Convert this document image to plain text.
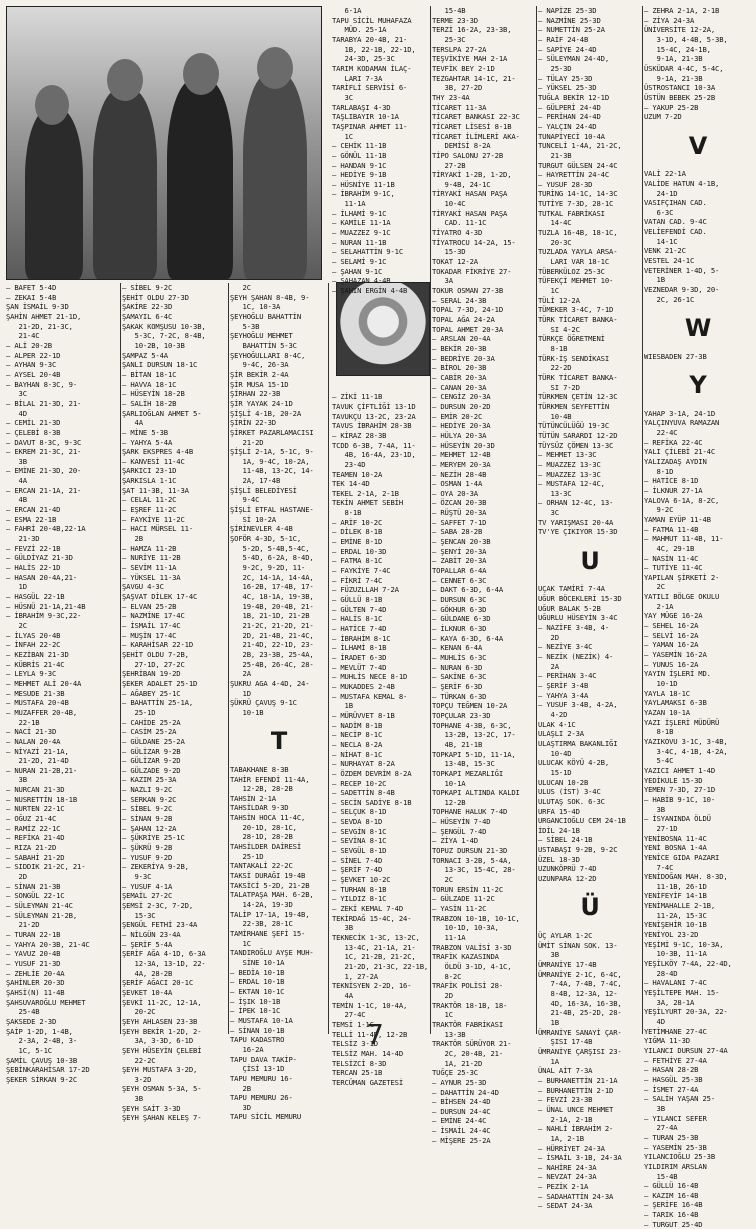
— BAFET 5-4D
— ZEKAI 5-4B
ŞAN İSMAİL 9-3D
ŞAHİN AHMET 21-1D,
21-2D, 21-3C,
21-4C
— ALİ 20-2B
— ALPER 22-1D
— AYHAN 9-3C
— AYSEL 20-4B
— BAYHAN 8-3C, 9-
3C
— BİLAL 21-3D, 21-
4D
— CEMİL 21-3D
— ÇELEBİ 8-3B
— DAVUT 8-3C, 9-3C
— EKREM 21-3C, 21-
3B
— EMİNE 21-3D, 20-
4A
— ERCAN 21-1A, 21-
4B
— ERCAN 21-4D
— ESMA 22-1B
— FAHRİ 20-4B,22-1A
21-3D
— FEVZİ 22-1B
— GÜLDİYAZ 21-3D
— HALİS 22-1D
— HASAN 20-4A,21-
1D
— HASGÜL 22-1B
— HÜSNÜ 21-1A,21-4B
— İBRAHİM 9-3C,22-
2C
— İLYAS 20-4B
— İNFAH 22-2C
— KEZİBAN 21-3D
— KÜBRİS 21-4C
— LEYLA 9-3C
— MEHMET ALİ 20-4A
— MESUDE 21-3B
— MUSTAFA 20-4B
— MUZAFFER 20-4B,
22-1B
— NACİ 21-3D
— NALAN 20-4A
— NİYAZİ 21-1A,
21-2D, 21-4D
— NURAN 21-2B,21-
3B
— NURCAN 21-3D
— NUSRETTİN 18-1B
— NURTEN 22-1C
— OĞUZ 21-4C
— RAMİZ 22-1C
— REFİKA 21-4D
— RIZA 21-2D
— SABAHİ 21-2D
— SIDDIK 21-2C, 21-
2D
— SİNAN 21-3B
— SONGÜL 22-1C
— SÜLEYMAN 21-4C
— SÜLEYMAN 21-2B,
21-2D
— TURAN 22-1B
— YAHYA 20-3B, 21-4C
— YAVUZ 20-4B
— YUSUF 21-3D
— ZEHLİE 20-4A
ŞAHİNLER 20-3D
ŞAHSİ(N) 11-4B
ŞAHSUVAROĞLU MEHMET
25-4B
ŞAKSEDE 2-3D
ŞAİP 1-2D, 1-4B,
2-3A, 2-4B, 3-
1C, 5-1C
ŞAMİL ÇAVUŞ 10-3B
ŞEBİNKARAHİSAR 17-2D
ŞEKER SİRKAN 9-2C
— SİBEL 9-2C
ŞEHİT OLDU 27-3D
ŞAKİRE 22-3D
ŞAMAYIL 6-4C
ŞAKAK KOMŞUSU 10-3B,
5-3C, 7-2C, 8-4B,
10-2B, 10-3B
ŞAMPAZ 5-4A
ŞANLI DURSUN 18-1C
— BİTAN 18-1C
— HAVVA 18-1C
— HÜSEYİN 18-2B
— SALİH 18-2B
ŞARLIOĞLAN AHMET 5-
4A
— MİNE 5-3B
— YAHYA 5-4A
ŞARK EKSPRES 4-4B
— KANVESİ 11-4C
ŞARKICI 23-1D
ŞARKISLA 1-1C
ŞAT 11-3B, 11-3A
— CELAL 11-2C
— EŞREF 11-2C
— FAYKİYE 11-2C
— HACI MÜRSEL 11-
2B
— HAMZA 11-2B
— NURİYE 11-2B
— SEVİM 11-1A
— YÜKSEL 11-3A
ŞAVGU 4-3C
ŞAŞVAT DİLEK 17-4C
— ELVAN 25-2B
— NAZMİNE 17-4C
— İSMAİL 17-4C
— MUŞİN 17-4C
— KARAHİSAR 22-1D
ŞEHİT OLDU 7-2B,
27-1D, 27-2C
ŞEHRİBAN 19-2D
ŞEKER ADALET 25-1D
— AĞABEY 25-1C
— BAHATTİN 25-1A,
25-1D
— CAHİDE 25-2A
— CASİM 25-2A
— GÜLDANE 25-2A
— GÜLİZAR 9-2B
— GÜLİZAR 9-2D
— GÜLZADE 9-2D
— KAZIM 25-3A
— NAZLI 9-2C
— SERKAN 9-2C
— SİBEL 9-2C
— SİNAN 9-2B
— ŞAHAN 12-2A
— ŞÜKRİYE 25-1C
— ŞÜKRÜ 9-2B
— YUSUF 9-2D
— ZEKERİYA 9-2B,
9-3C
— YUSUF 4-1A
ŞEMAİL 27-2C
ŞEMSİ 2-3C, 7-2D,
15-3C
ŞENGÜL FETHİ 23-4A
— NİLGÜN 23-4A
— ŞERİF 5-4A
ŞERİF AĞA 4-1D, 6-3A
12-3A, 13-1D, 22-
4A, 28-2B
ŞERİF AĞACI 20-1C
ŞEVKET 10-4A
ŞEVKİ 11-2C, 12-1A,
20-2C
ŞEYH AHLASEN 23-3B
ŞEYH BEKİR 1-2D, 2-
3A, 3-3D, 6-1D
ŞEYH HÜSEYİN ÇELEBİ
22-2C
ŞEYH MUSTAFA 3-2D,
3-2D
ŞEYH OSMAN 5-3A, 5-
3B
ŞEYH SAİT 3-3D
ŞEYH ŞAHAN KELEŞ 7-
2C
ŞEYH ŞAHAN 8-4B, 9-
1C, 10-3A
ŞEYHOĞLU BAHATTİN
5-3B
ŞEYHOĞLU MEHMET
BAHATTİN 5-3C
ŞEYHOĞULLARI 8-4C,
9-4C, 26-3A
ŞİR BEKİR 2-4A
ŞİR MUSA 15-1D
ŞİRHAN 22-3B
ŞİR YAYAK 24-1D
ŞİŞLİ 4-1B, 20-2A
ŞİRİN 22-3D
ŞİRKET PAZARLAMACISI
21-2D
ŞİŞLİ 2-1A, 5-1C, 9-
1A, 9-4C, 10-2A,
11-4B, 13-2C, 14-
2A, 17-4B
ŞİŞLİ BELEDİYESİ
9-4C
ŞİŞLİ ETFAL HASTANE-
Sİ 10-2A
ŞİRİNEVLER 4-4B
ŞOFÖR 4-3D, 5-1C,
5-2D, 5-4B,5-4C,
5-4D, 6-2A, 8-4D,
9-2C, 9-2D, 11-
2C, 14-1A, 14-4A,
16-2B, 17-4B, 17-
4C, 18-1A, 19-3B,
19-4B, 20-4B, 21-
1B, 21-1D, 21-2B
21-2C, 21-2D, 21-
2D, 21-4B, 21-4C,
21-4D, 22-1D, 23-
2B, 23-3B, 25-4A,
25-4B, 26-4C, 28-
2A
ŞUKRU AGA 4-4D, 24-
1D
ŞÜKRÜ ÇAVUŞ 9-1C
10-1B

T

TABAKHANE 8-3B
TAHİR EFENDİ 11-4A,
12-2B, 28-2B
TAHSİN 2-1A
TAHSİLDAR 9-3D
TAHSİN HOCA 11-4C,
20-1D, 28-1C,
28-1D, 28-2B
TAHSİLDER DAİRESİ
25-1D
TANTAKALİ 22-2C
TAKSİ DURAĞI 19-4B
TAKSİCİ 5-2D, 21-2B
TALATPAŞA MAH. 6-2B,
14-2A, 19-3D
TALİP 17-1A, 19-4B,
22-3B, 28-1C
TAMİRHANE ŞEFİ 15-
1C
TANDIROĞLU AYŞE MUH-
SİNE 10-1A
— BEDİA 10-1B
— ERDAL 10-1B
— EKTAN 10-1C
— İŞIK 10-1B
— İPEK 10-1C
— MUSTAFA 10-1A
— SİNAN 10-1B
TAPU KADASTRO
16-2A
TAPU DAVA TAKİP-
ÇİSİ 13-1D
TAPU MEMURU 16-
2B
TAPU MEMURU 26-
3D
TAPU SİCİL MEMURU
6-1A
TAPU SİCİL MUHAFAZA
MÜD. 25-1A
TARABYA 20-4B, 21-
1B, 22-1B, 22-1D,
24-3D, 25-3C
TARIM KODAMAN İLAÇ-
LARI 7-3A
TARİFLİ SERVİSİ 6-
3C
TARLABAŞI 4-3D
TAŞLIBAYIR 10-1A
TAŞPINAR AHMET 11-
1C
— CEHİK 11-1B
— GÖNÜL 11-1B
— HANDAN 9-1C
— HEDİYE 9-1B
— HÜSNİYE 11-1B
— İBRAHİM 9-1C,
11-1A
— İLHAMİ 9-1C
— KAMİLE 11-1A
— MUAZZEZ 9-1C
— NURAN 11-1B
— SELAHATTİN 9-1C
— SELAMİ 9-1C
— ŞAHAN 9-1C
— ŞAHAZAN 4-4B
— ŞAHİN ERGİN 4-4B

— ZİKİ 11-1B
TAVUK ÇİFTLİĞİ 13-1D
TAVUKÇU 13-2C, 23-2A
TAVUS İBRAHİM 28-3B
— KİRAZ 28-3B
TCDD 6-3B, 7-4A, 11-
4B, 16-4A, 23-1D,
23-4D
TEAMEN 10-2A
TEK 14-4D
TEKEL 2-1A, 2-1B
TEKİN AHMET SEBİH
8-1B
— ARİF 10-2C
— DİLEK 8-1B
— EMİNE 8-1D
— ERDAL 10-3D
— FATMA 8-1C
— FAYKİYE 7-4C
— FİKRİ 7-4C
— FÜZUZLLAH 7-2A
— GÜLLÜ 8-1B
— GÜLTEN 7-4D
— HALİS 8-1C
— HATİCE 7-4D
— İBRAHİM 8-1C
— İLHAMİ 8-1B
— İRADET 6-3D
— MEVLÜT 7-4D
— MUHLİS NECE 8-1D
— MUKADDES 2-4B
— MUSTAFA KEMAL 8-
1B
— MÜRÜVVET 8-1B
— NADİM 8-1B
— NECİP 8-1C
— NECLA 8-2A
— NİHAT 8-1C
— NURHAYAT 8-2A
— ÖZDEM DEVRİM 8-2A
— RECEP 10-2C
— SADETTİN 8-4B
— SECİN SADİYE 8-1B
— SELÇUK 8-1D
— SEVDA 8-1D
— SEVGİN 8-1C
— SEVİNA 8-1C
— SEVGÜL 8-1D
— SİNEL 7-4D
— ŞERİF 7-4D
— ŞEVKET 10-2C
— TURHAN 8-1B
— YILDIZ 8-1C
— ZEKİ KEMAL 7-4D
TEKİRDAĞ 15-4C, 24-
3B
TEKNECİK 1-3C, 13-2C,
13-4C, 21-1A, 21-
1C, 21-2B, 21-2C,
21-2D, 21-3C, 22-1B,
1, 27-2A
TEKNİSYEN 2-2D, 16-
4A
TEMİN 1-1C, 10-4A,
27-4C
TEMSİ 1-1C
TELLİ 11-4D, 12-2B
TELSİZ 3-1D
TELSİZ MAH. 14-4D
TELSİZCİ 8-3D
TERCAN 25-1B
TERCÜMAN GAZETESİ
15-4B
TERME 23-3D
TERZİ 16-2A, 23-3B,
25-3C
TERSLPA 27-2A
TEŞVİKİYE MAH 2-1A
TEVFİK BEY 2-1D
TEZGAHTAR 14-1C, 21-
3B, 27-2D
THY 23-4A
TİCARET 11-3A
TİCARET BANKASI 22-3C
TİCARET LİSESİ 8-1B
TİCARET İLİMLERİ AKA-
DEMİSİ 8-2A
TİPO SALONU 27-2B
27-2B
TİRYAKİ 1-2B, 1-2D,
9-4B, 24-1C
TİRYAKİ HASAN PAŞA
10-4C
TİRYAKİ HASAN PAŞA
CAD. 11-1C
TİYATRO 4-3D
TİYATROCU 14-2A, 15-
15-3D
TOKAT 12-2A
TOKADAR FİKRİYE 27-
3A
TOKUR OSMAN 27-3B
— SERAL 24-3B
TOPAL 7-3D, 24-1D
TOPAL AĞA 24-2A
TOPAL AHMET 20-3A
— ARSLAN 20-4A
— BEKİR 20-3B
— BEDRİYE 20-3A
— BİROL 20-3B
— CABİR 20-3A
— CANAN 20-3A
— CENGİZ 20-3A
— DURSUN 20-2D
— EMİR 20-2C
— HEDİYE 20-3A
— HÜLYA 20-3A
— HÜSEYİN 20-3D
— MEHMET 12-4B
— MERYEM 20-3A
— NEZİH 28-4B
— OSMAN 1-4A
— OYA 20-3A
— ÖZCAN 20-3B
— RÜŞTÜ 20-3A
— SAFFET 7-1D
— SABA 28-2B
— ŞENCAN 20-3B
— ŞENYİ 20-3A
— ZABİT 20-3A
TOPALLAR 6-4A
— CENNET 6-3C
— DAKT 6-3D, 6-4A
— DURSUN 6-3C
— GÖKHUR 6-3D
— GÜLDANE 6-3D
— İLKNUR 6-3D
— KAYA 6-3D, 6-4A
— KENAN 6-4A
— MUHLİS 6-3C
— NURAN 6-3D
— SAKİNE 6-3C
— ŞERİF 6-3D
— TÜRKAN 6-3D
TOPÇU TEĞMEN 10-2A
TOPÇULAR 23-3D
TOPHANE 4-3B, 6-3C,
13-2B, 13-2C, 17-
4B, 21-1B
TOPKAPI 5-1D, 11-1A,
13-4B, 15-3C
TOPKAPI MEZARLIĞI
10-1A
TOPKAPI ALTINDA KALDI
12-2B
TOPHANE HALUK 7-4D
— HÜSEYİN 7-4D
— ŞENGÜL 7-4D
— ZİYA 1-4D
TOPUZ DURSUN 21-3D
TORNACI 3-2B, 5-4A,
13-3C, 15-4C, 28-
2C
TORUN ERSİN 11-2C
— GÜLZADE 11-2C
— YASİN 11-2C
TRABZON 10-1B, 10-1C,
10-1D, 10-3A,
11-1A
TRABZON VALİSİ 3-3D
TRAFİK KAZASINDA
ÖLDÜ 3-1D, 4-1C,
8-2C
TRAFİK POLİSİ 28-
2D
TRAKTÖR 18-1B, 18-
1C
TRAKTÖR FABRİKASI
13-3B
TRAKTÖR SÜRÜYOR 21-
2C, 20-4B, 21-
1A, 21-2D
TUĞÇE 25-3C
— AYNUR 25-3D
— DAHATTİN 24-4D
— BİHSEN 24-4D
— DURSUN 24-4C
— EMİNE 24-4C
— İSMAİL 24-4C
— MİŞERE 25-2A
— NAPİZE 25-3D
— NAZMİNE 25-3D
— NUMETTİN 25-2A
— RAİF 24-4B
— SAPİYE 24-4D
— SÜLEYMAN 24-4D,
25-3D
— TÜLAY 25-3D
— YÜKSEL 25-3D
TUĞLA BEKİR 12-1D
— GÜLPERİ 24-4D
— PERİHAN 24-4D
— YALÇIN 24-4D
TUNAPİYECİ 10-4A
TUNCELİ 1-4A, 21-2C,
21-3B
TURGUT GÜLSEN 24-4C
— HAYRETTİN 24-4C
— YUSUF 28-3D
TURİNG 14-1C, 14-3C
TUTİYE 7-3D, 28-1C
TUTKAL FABRİKASI
14-4C
TUZLA 16-4B, 18-1C,
20-3C
TUZLADA YAYLA ARSA-
LARI VAR 18-1C
TÜBERKÜLOZ 25-3C
TÜFEKÇİ MEHMET 10-
1C
TÜLİ 12-2A
TÜMEKER 3-4C, 7-1D
TÜRK TİCARET BANKA-
SI 4-2C
TÜRKÇE ÖĞRETMENİ
8-1B
TÜRK-İŞ SENDİKASI
22-2D
TÜRK TİCARET BANKA-
SI 7-2D
TÜRKMEN ÇETİN 12-3C
TÜRKMEN SEYFETTİN
10-4B
TÜTÜNCÜLÜĞÜ 19-3C
TÜTÜN SARARDI 12-2D
TÜYSÜZ ÇÖMEN 13-3C
— MEHMET 13-3C
— MUAZZEZ 13-3C
— MUAZZEZ 13-3C
— MUSTAFA 12-4C,
13-3C
— ORHAN 12-4C, 13-
3C
TV YARIŞMASI 20-4A
TV'YE ÇIKIYOR 15-3D

U

UÇAK TAMİRİ 7-4A
UĞUR BÖCEKLERİ 15-3D
UĞUR BALAK 5-2B
UĞURLU HÜSEYİN 3-4C
— NAZİFE 3-4B, 4-
2D
— NEZİYE 3-4C
— NEZİK (NEZİK) 4-
2A
— PERİHAN 3-4C
— ŞERİF 3-4B
— YAHYA 3-4A
— YUSUF 3-4B, 4-2A,
4-2D
ULAK 4-1C
ULAŞLI 2-3A
ULAŞTIRMA BAKANLIĞI
10-4D
ULUCAK KÖYÜ 4-2B,
15-1D
ULUCAN 10-2B
ULUS (İST) 3-4C
ULUTAŞ SOK. 6-3C
URFA 15-4D
URGANCIOĞLU CEM 24-1B
İDİL 24-1B
— SİBEL 24-1B
USTABAŞI 9-2B, 9-2C
ÜZEL 18-3D
UZUNKÖPRÜ 7-4D
UZUNPARA 12-2D

Ü

ÜÇ AYLAR 1-2C
ÜMİT SİNAN SOK. 13-
3B
ÜMRANİYE 17-4B
ÜMRANİYE 2-1C, 6-4C,
7-4A, 7-4B, 7-4C,
8-4B, 12-3A, 12-
4D, 16-3A, 16-3B,
21-4B, 25-2D, 28-
1B
ÜMRANİYE SANAYİ ÇAR-
ŞISI 17-4B
ÜMRANİYE ÇARŞISI 23-
1A
ÜNAL AİT 7-3A
— BURHANETTİN 21-1A
— BURHANETTİN 2-1D
— FEVZİ 23-3B
— ÜNAL UNCE MEHMET
2-1A, 2-1B
— NAHLİ İBRAHİM 2-
1A, 2-1B
— HÜRRİYET 24-3A
— İSMAİL 3-1B, 24-3A
— NAHİRE 24-3A
— NEVZAT 24-3A
— PEZİK 2-1A
— SADAHATTİN 24-3A
— SEDAT 24-3A
— ZEHRA 2-1A, 2-1B
— ZİYA 24-3A
ÜNİVERSİTE 12-2A,
3-1D, 4-4B, 5-3B,
15-4C, 24-1B,
9-1A, 21-3B
ÜSKÜDAR 4-4C, 5-4C,
9-1A, 21-3B
ÜSTROSTANCI 10-3A
ÜSTÜN BEBEK 25-2B
— YAKUP 25-2B
UZUM 7-2D

V

VALİ 22-1A
VALİDE HATUN 4-1B,
24-1D
VASIFÇIHAN CAD.
6-3C
VATAN CAD. 9-4C
VELİEFENDİ CAD.
14-1C
VENK 21-2C
VESTEL 24-1C
VETERİNER 1-4D, 5-
1B
VEZNEDAR 9-3D, 20-
2C, 26-1C

W

WIESBADEN 27-3B

Y

YAHAP 3-1A, 24-1D
YALÇINYUVA RAMAZAN
22-4C
— REFİKA 22-4C
YALI ÇİLEBİ 21-4C
YALIZADAŞ AYDIN
8-1D
— HATİCE 8-1D
— İLKNUR 27-1A
YALOVA 6-1A, 8-2C,
9-2C
YAMAN EYÜP 11-4B
— FATMA 11-4B
— MAHMUT 11-4B, 11-
4C, 29-1B
— NASİN 11-4C
— TUTİYE 11-4C
YAPILAN ŞİRKETİ 2-
2C
YATILI BÖLGE OKULU
2-1A
YAY MÜGE 16-2A
— SEHEL 16-2A
— SELVİ 16-2A
— YAMAN 16-2A
— YASEMİN 16-2A
— YUNUS 16-2A
YAYIN İŞLERİ MD.
10-1D
YAYLA 18-1C
YAYLAMAKSI 6-3B
YAZAN 10-1A
YAZI İŞLERİ MÜDÜRÜ
8-1B
YAZIKOVU 3-1C, 3-4B,
3-4C, 4-1B, 4-2A,
5-4C
YAZICI AHMET 1-4D
YEDİKULE 15-3D
YEMEN 7-3D, 27-1D
— HABİB 9-1C, 10-
3B
— İSYANINDA ÖLDÜ
27-1D
YENİBOSNA 11-4C
YENİ BOSNA 1-4A
YENİCE GIDA PAZARI
7-4C
YENİDOĞAN MAH. 8-3D,
11-1B, 26-1D
YENİFEYİF 14-1B
YENİMAHALLE 2-1B,
11-2A, 15-3C
YENİŞEHİR 10-1B
YENİYOL 23-2D
YEŞİMİ 9-1C, 10-3A,
10-3B, 11-1A
YEŞİLKÖY 7-4A, 22-4D,
28-4D
— HAVALANI 7-4C
YEŞİLTEPE MAH. 15-
3A, 28-1A
YEŞİLYURT 20-3A, 22-
4D
YETİMHANE 27-4C
YIĞMA 11-3D
YILANCI DURSUN 27-4A
— FETHİYE 27-4A
— HASAN 28-2B
— HASGÜL 25-3B
— İSMET 27-4A
— SALİH YAŞAN 25-
3B
— YILANCI SEFER
27-4A
— TURAN 25-3B
— YASEMİN 25-3B
YILANCIOĞLU 25-3B
YILDIRIM ARSLAN
15-4B
— GÜLLÜ 16-4B
— KAZIM 16-4B
— ŞERİFE 16-4B
— TARIK 16-4B
— TURGUT 25-4D
7
